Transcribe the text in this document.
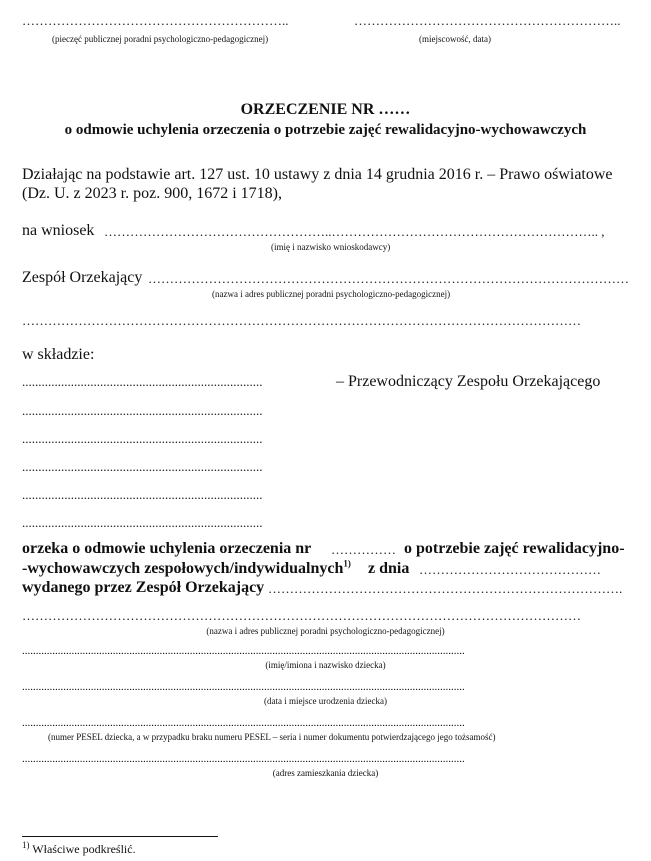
……………………………………………………..
(pieczęć publicznej poradni psychologiczno-pedagogicznej)
……………………………………………………..
(miejscowość, data)
ORZECZENIE NR ……
o odmowie uchylenia orzeczenia o potrzebie zajęć rewalidacyjno-wychowawczych
Działając na podstawie art. 127 ust. 10 ustawy z dnia 14 grudnia 2016 r. – Prawo oświatowe
(Dz. U. z 2023 r. poz. 900, 1672 i 1718),
na wniosek ……………………………………………..…………………………………………………….. ,
(imię i nazwisko wnioskodawcy)
Zespół Orzekający …………………………………………………………………………………………………
(nazwa i adres publicznej poradni psychologiczno-pedagogicznej)
…………………………………………………………………………………………………………………
w składzie:
..........................................................................	– Przewodniczący Zespołu Orzekającego
..........................................................................
..........................................................................
..........................................................................
..........................................................................
..........................................................................
orzeka o odmowie uchylenia orzeczenia nr …………… o potrzebie zajęć rewalidacyjno-
-wychowawczych zespołowych/indywidualnych$^{1)}$ z dnia ……………………………………
wydanego przez Zespół Orzekający ……………………………………………………………………….
…………………………………………………………………………………………………………………
(nazwa i adres publicznej poradni psychologiczno-pedagogicznej)
.................................................................................................................................................................
(imię/imiona i nazwisko dziecka)
.................................................................................................................................................................
(data i miejsce urodzenia dziecka)
.................................................................................................................................................................
(numer PESEL dziecka, a w przypadku braku numeru PESEL – seria i numer dokumentu potwierdzającego jego tożsamość)
.................................................................................................................................................................
(adres zamieszkania dziecka)
$^{1)}$ Właściwe podkreślić.
